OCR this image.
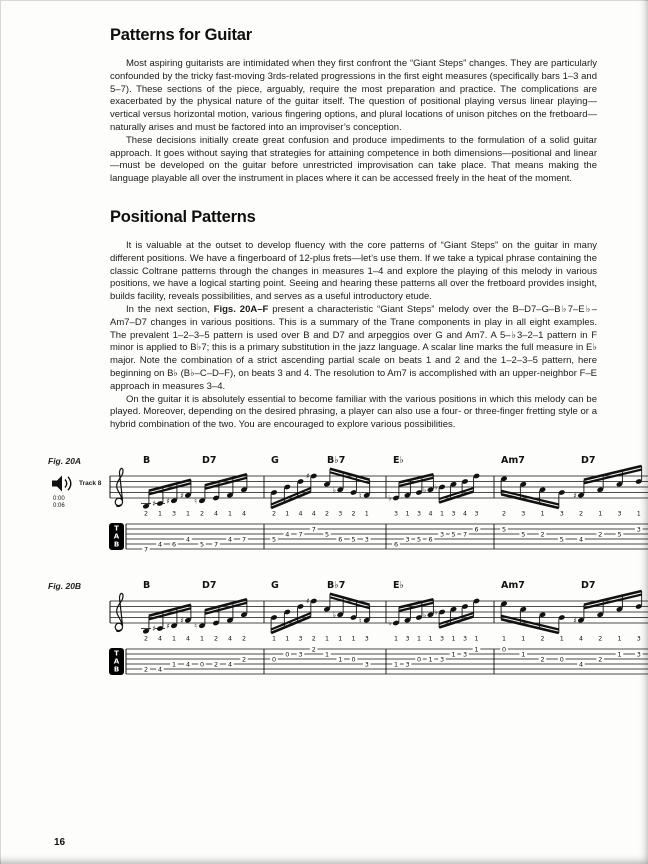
Patterns for Guitar

Most aspiring guitarists are intimidated when they first confront the “Giant Steps” changes. They are particularly confounded by the tricky fast-moving 3rds-related progressions in the first eight measures (specifically bars 1–3 and 5–7). These sections of the piece, arguably, require the most preparation and practice. The complications are exacerbated by the physical nature of the guitar itself. The question of positional playing versus linear playing—vertical versus horizontal motion, various fingering options, and plural locations of unison pitches on the fretboard—naturally arises and must be factored into an improviser’s conception.

These decisions initially create great confusion and produce impediments to the formulation of a solid guitar approach. It goes without saying that strategies for attaining competence in both dimensions—positional and linear—must be developed on the guitar before unrestricted improvisation can take place. That means making the language playable all over the instrument in places where it can be accessed freely in the heat of the moment.

Positional Patterns

It is valuable at the outset to develop fluency with the core patterns of “Giant Steps” on the guitar in many different positions. We have a fingerboard of 12-plus frets—let’s use them. If we take a typical phrase containing the classic Coltrane patterns through the changes in measures 1–4 and explore the playing of this melody in various positions, we have a logical starting point. Seeing and hearing these patterns all over the fretboard provides insight, builds facility, reveals possibilities, and serves as a useful introductory etude.

In the next section, Figs. 20A–F present a characteristic “Giant Steps” melody over the B–D7–G–B♭7–E♭–Am7–D7 changes in various positions. This is a summary of the Trane components in play in all eight examples. The prevalent 1–2–3–5 pattern is used over B and D7 and arpeggios over G and Am7. A 5–♭3–2–1 pattern in F minor is applied to B♭7; this is a primary substitution in the jazz language. A scalar line marks the full measure in E♭ major. Note the combination of a strict ascending partial scale on beats 1 and 2 and the 1–2–3–5 pattern, here beginning on B♭ (B♭–C–D–F), on beats 3 and 4. The resolution to Am7 is accomplished with an upper-neighbor F–E approach in measures 3–4.

On the guitar it is absolutely essential to become familiar with the various positions in which this melody can be played. Moreover, depending on the desired phrasing, a player can also use a four- or three-finger fretting style or a hybrid combination of the two. You are encouraged to explore various possibilities.

Fig. 20A
Track 8
0:00
0:06
B	D7	G	B♭7	E♭	Am7	D7
♯ ♯
♯
♮
♯
♭
♮	♭
♭ ♭
♯
2 1 3 1 2 4 1 4	2 1 4 4 2 3 2 1	3 1 3 4 1 3 4 3	2 3 1 3 2 1 3 1
T
A
B
7
4 6
4
5 7
4 7	5
4 7
7
5
6 5 3
6
3 5 6
3 5 7
6	5
5 2
5 4
2 5
3
Fig. 20B	B	D7	G	B♭7	E♭	Am7	D7
♯ ♯
♯
♮
♯
♭
♮	♭
♭ ♭
♯
2 4 1 4 1 2 4 2	1 1 3 2 1 1 1 3	1 3 1 1 3 1 3 1	1 1 2 1 4 2 1 3
T
A
B	2 4
1 4 0 2 4
2	0
0 3
2
1
1 0
3	1 3
0 1 3
1 3
1	0
1
2 0
4
2
1 3
16
